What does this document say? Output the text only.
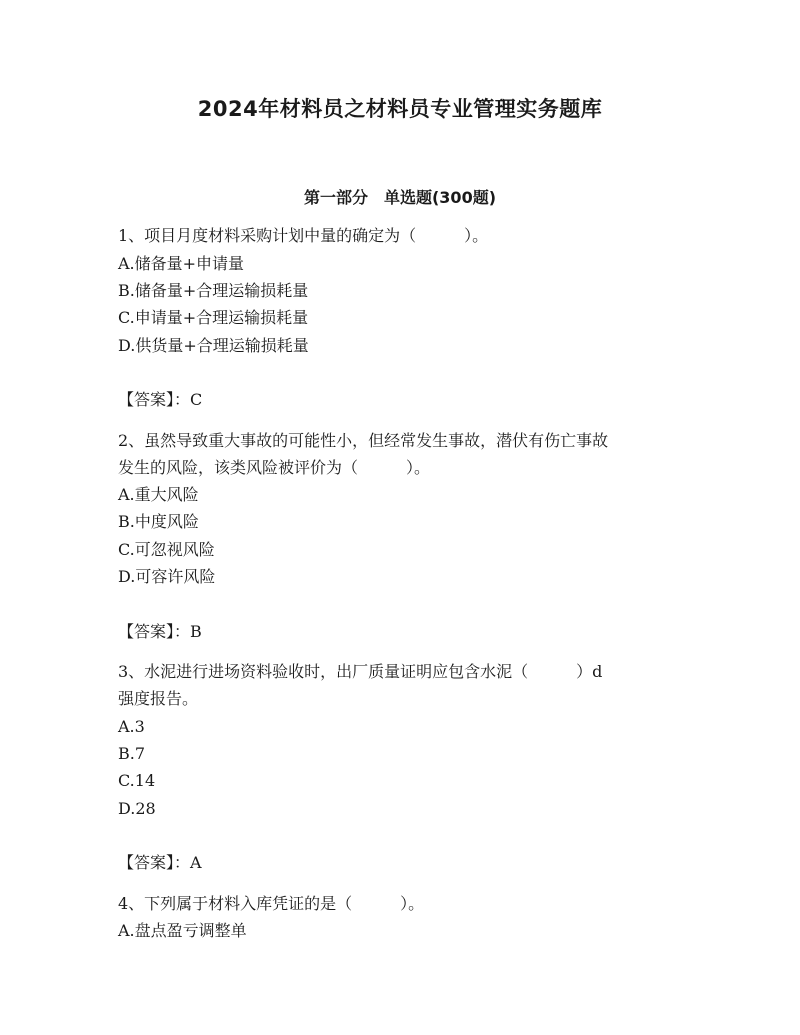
2024年材料员之材料员专业管理实务题库
第一部分　单选题(300题)
1、项目月度材料采购计划中量的确定为（　　　）。
A.储备量+申请量
B.储备量+合理运输损耗量
C.申请量+合理运输损耗量
D.供货量+合理运输损耗量
【答案】：C
2、虽然导致重大事故的可能性小，但经常发生事故，潜伏有伤亡事故
发生的风险，该类风险被评价为（　　　）。
A.重大风险
B.中度风险
C.可忽视风险
D.可容许风险
【答案】：B
3、水泥进行进场资料验收时，出厂质量证明应包含水泥（　　　）d
强度报告。
A.3
B.7
C.14
D.28
【答案】：A
4、下列属于材料入库凭证的是（　　　）。
A.盘点盈亏调整单
